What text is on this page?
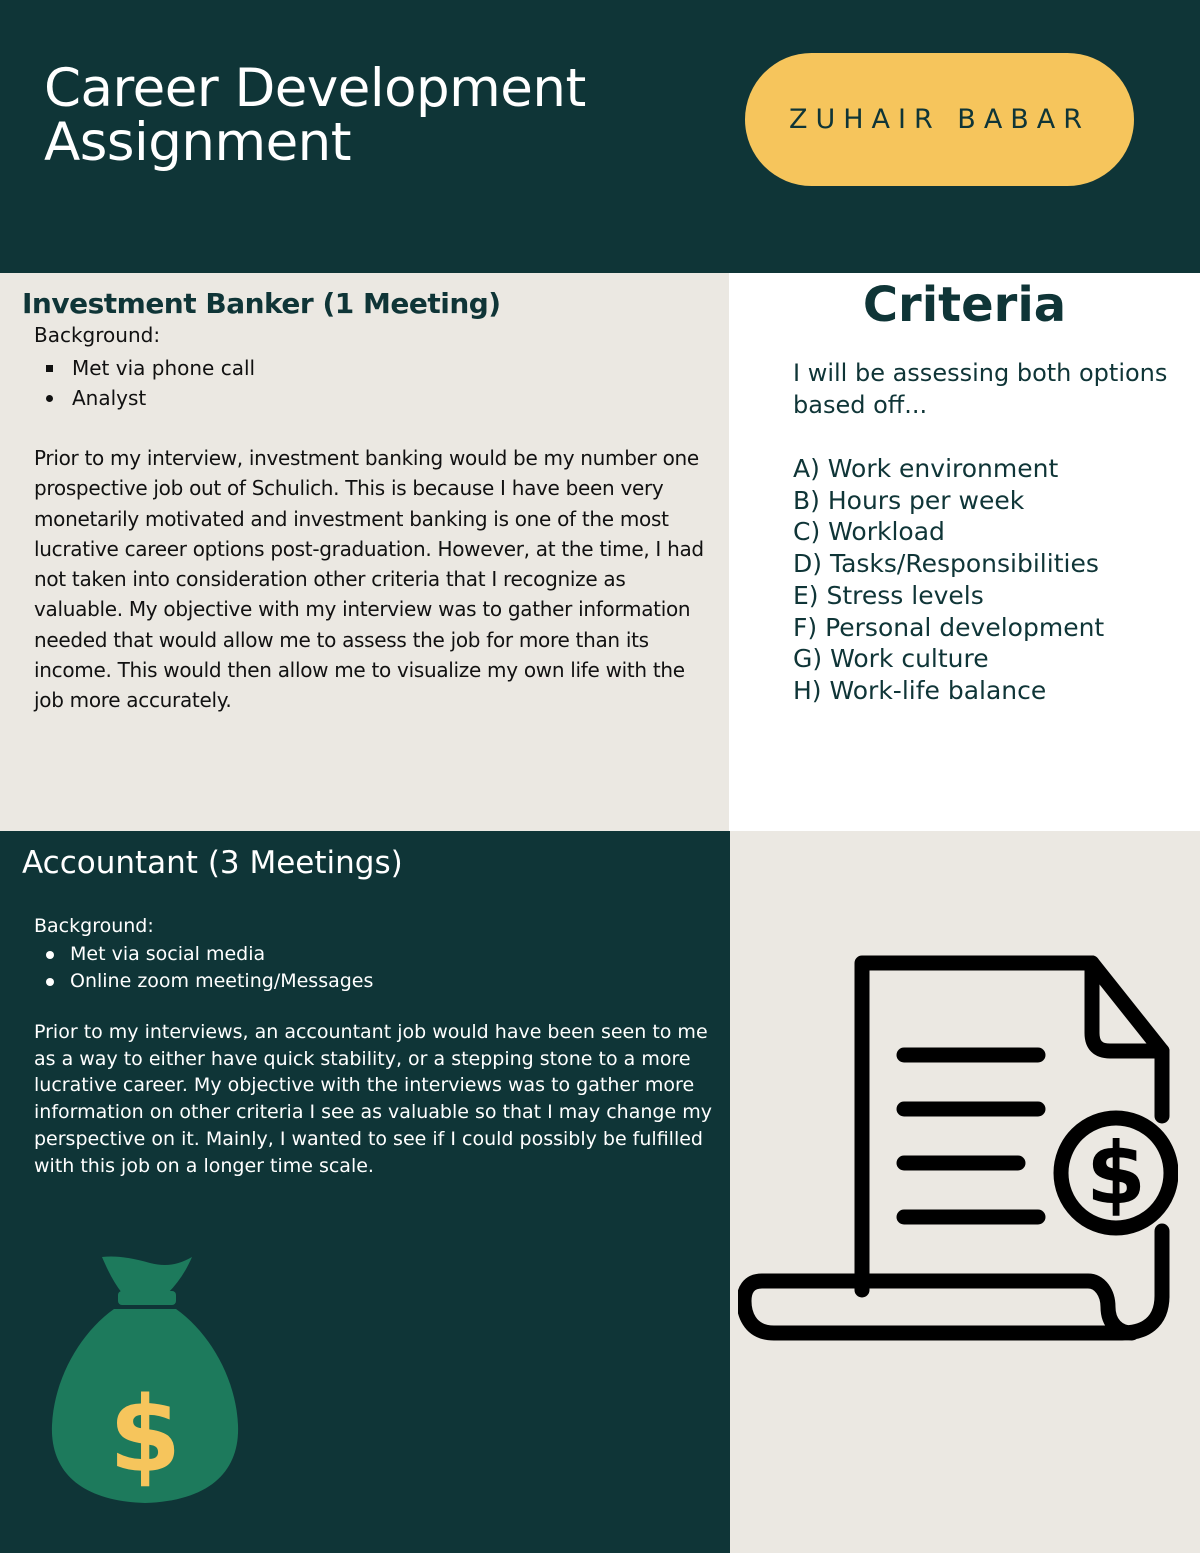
Career Development
Assignment	ZUHAIR BABAR
Investment Banker (1 Meeting)
Background:
Met via phone call
Analyst

Prior to my interview, investment banking would be my number one prospective job out of Schulich. This is because I have been very monetarily motivated and investment banking is one of the most lucrative career options post-graduation. However, at the time, I had not taken into consideration other criteria that I recognize as valuable. My objective with my interview was to gather information needed that would allow me to assess the job for more than its income. This would then allow me to visualize my own life with the job more accurately.

Criteria

I will be assessing both options based off...

A) Work environment
B) Hours per week
C) Workload
D) Tasks/Responsibilities
E) Stress levels
F) Personal development
G) Work culture
H) Work-life balance
Accountant (3 Meetings)
Background:
Met via social media
Online zoom meeting/Messages

Prior to my interviews, an accountant job would have been seen to me as a way to either have quick stability, or a stepping stone to a more lucrative career. My objective with the interviews was to gather more information on other criteria I see as valuable so that I may change my perspective on it. Mainly, I wanted to see if I could possibly be fulfilled with this job on a longer time scale.

$
$
